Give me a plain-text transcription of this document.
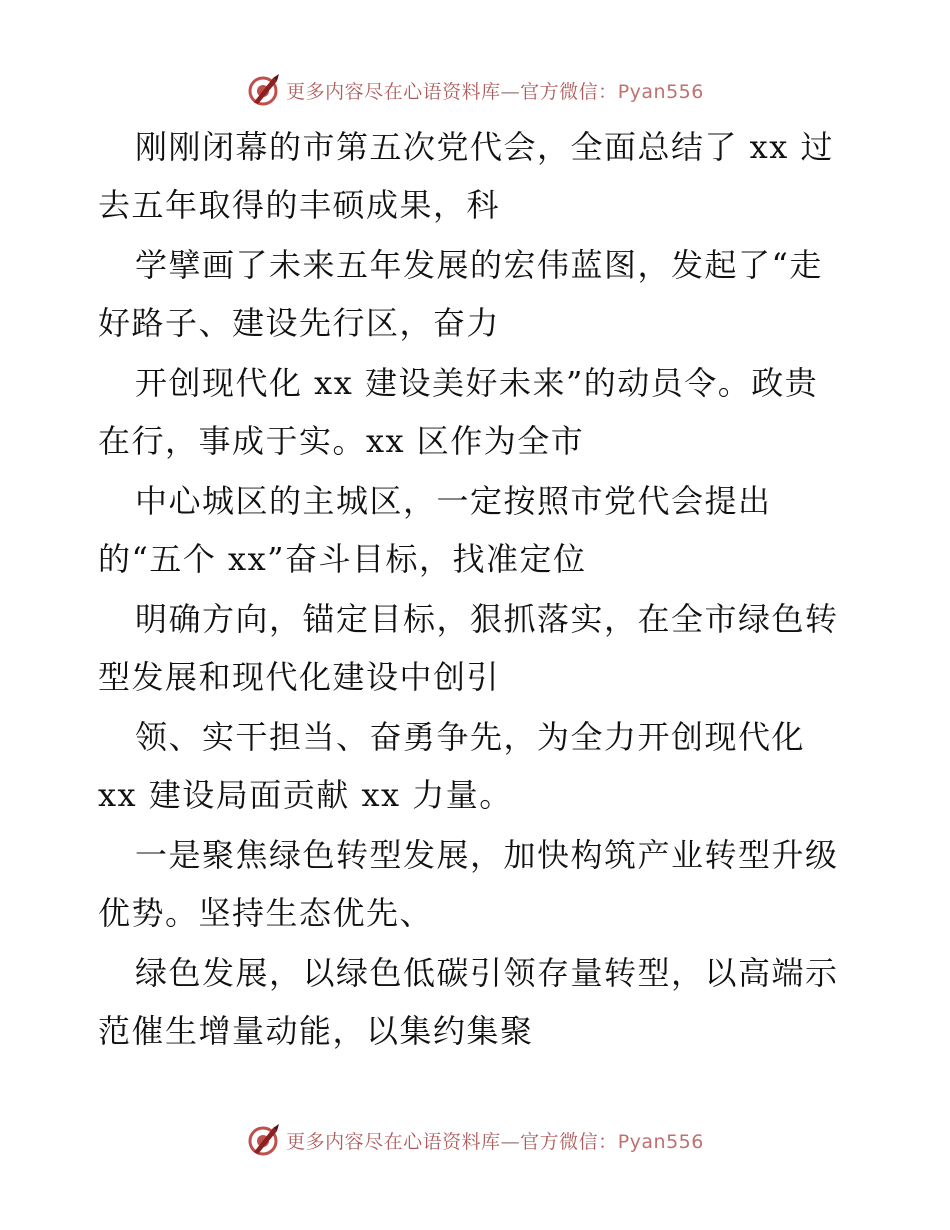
更多内容尽在心语资料库—官方微信：Pyan556
刚刚闭幕的市第五次党代会，全面总结了 xx 过
去五年取得的丰硕成果，科
学擘画了未来五年发展的宏伟蓝图，发起了“走
好路子、建设先行区，奋力
开创现代化 xx 建设美好未来”的动员令。政贵
在行，事成于实。xx 区作为全市
中心城区的主城区，一定按照市党代会提出
的“五个 xx”奋斗目标，找准定位
明确方向，锚定目标，狠抓落实，在全市绿色转
型发展和现代化建设中创引
领、实干担当、奋勇争先，为全力开创现代化
xx 建设局面贡献 xx 力量。
一是聚焦绿色转型发展，加快构筑产业转型升级
优势。坚持生态优先、
绿色发展，以绿色低碳引领存量转型，以高端示
范催生增量动能，以集约集聚
更多内容尽在心语资料库—官方微信：Pyan556
